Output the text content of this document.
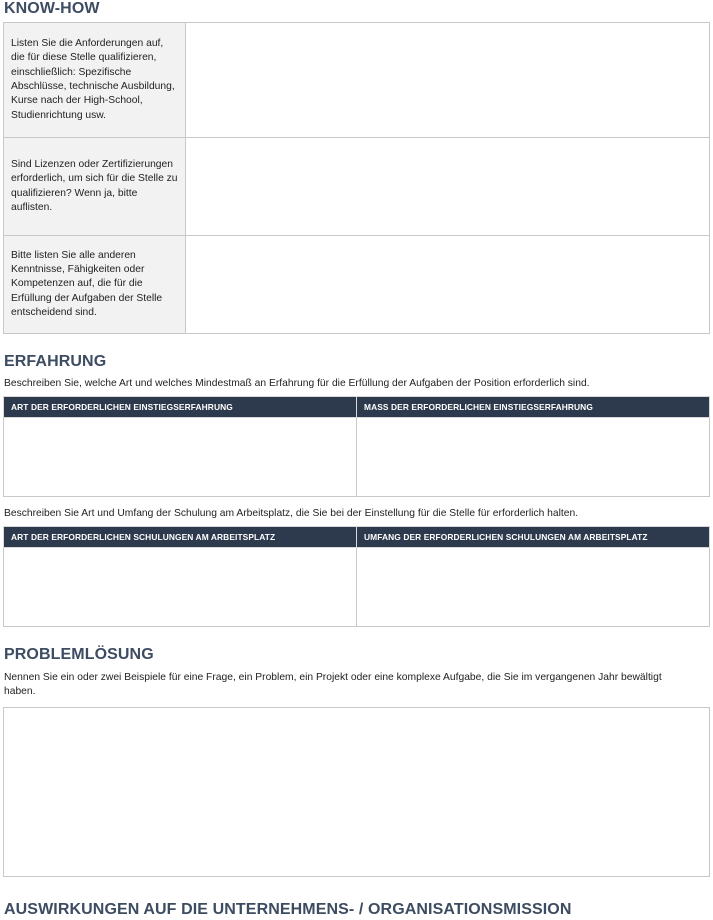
KNOW-HOW
Listen Sie die Anforderungen auf, die für diese Stelle qualifizieren, einschließlich: Spezifische Abschlüsse, technische Ausbildung, Kurse nach der High-School, Studienrichtung usw.	
Sind Lizenzen oder Zertifizierungen erforderlich, um sich für die Stelle zu qualifizieren? Wenn ja, bitte auflisten.	
Bitte listen Sie alle anderen Kenntnisse, Fähigkeiten oder Kompetenzen auf, die für die Erfüllung der Aufgaben der Stelle entscheidend sind.	
ERFAHRUNG

Beschreiben Sie, welche Art und welches Mindestmaß an Erfahrung für die Erfüllung der Aufgaben der Position erforderlich sind.

ART DER ERFORDERLICHEN EINSTIEGSERFAHRUNG	MASS DER ERFORDERLICHEN EINSTIEGSERFAHRUNG

Beschreiben Sie Art und Umfang der Schulung am Arbeitsplatz, die Sie bei der Einstellung für die Stelle für erforderlich halten.

ART DER ERFORDERLICHEN SCHULUNGEN AM ARBEITSPLATZ	UMFANG DER ERFORDERLICHEN SCHULUNGEN AM ARBEITSPLATZ

PROBLEMLÖSUNG

Nennen Sie ein oder zwei Beispiele für eine Frage, ein Problem, ein Projekt oder eine komplexe Aufgabe, die Sie im vergangenen Jahr bewältigt haben.

AUSWIRKUNGEN AUF DIE UNTERNEHMENS- / ORGANISATIONSMISSION
